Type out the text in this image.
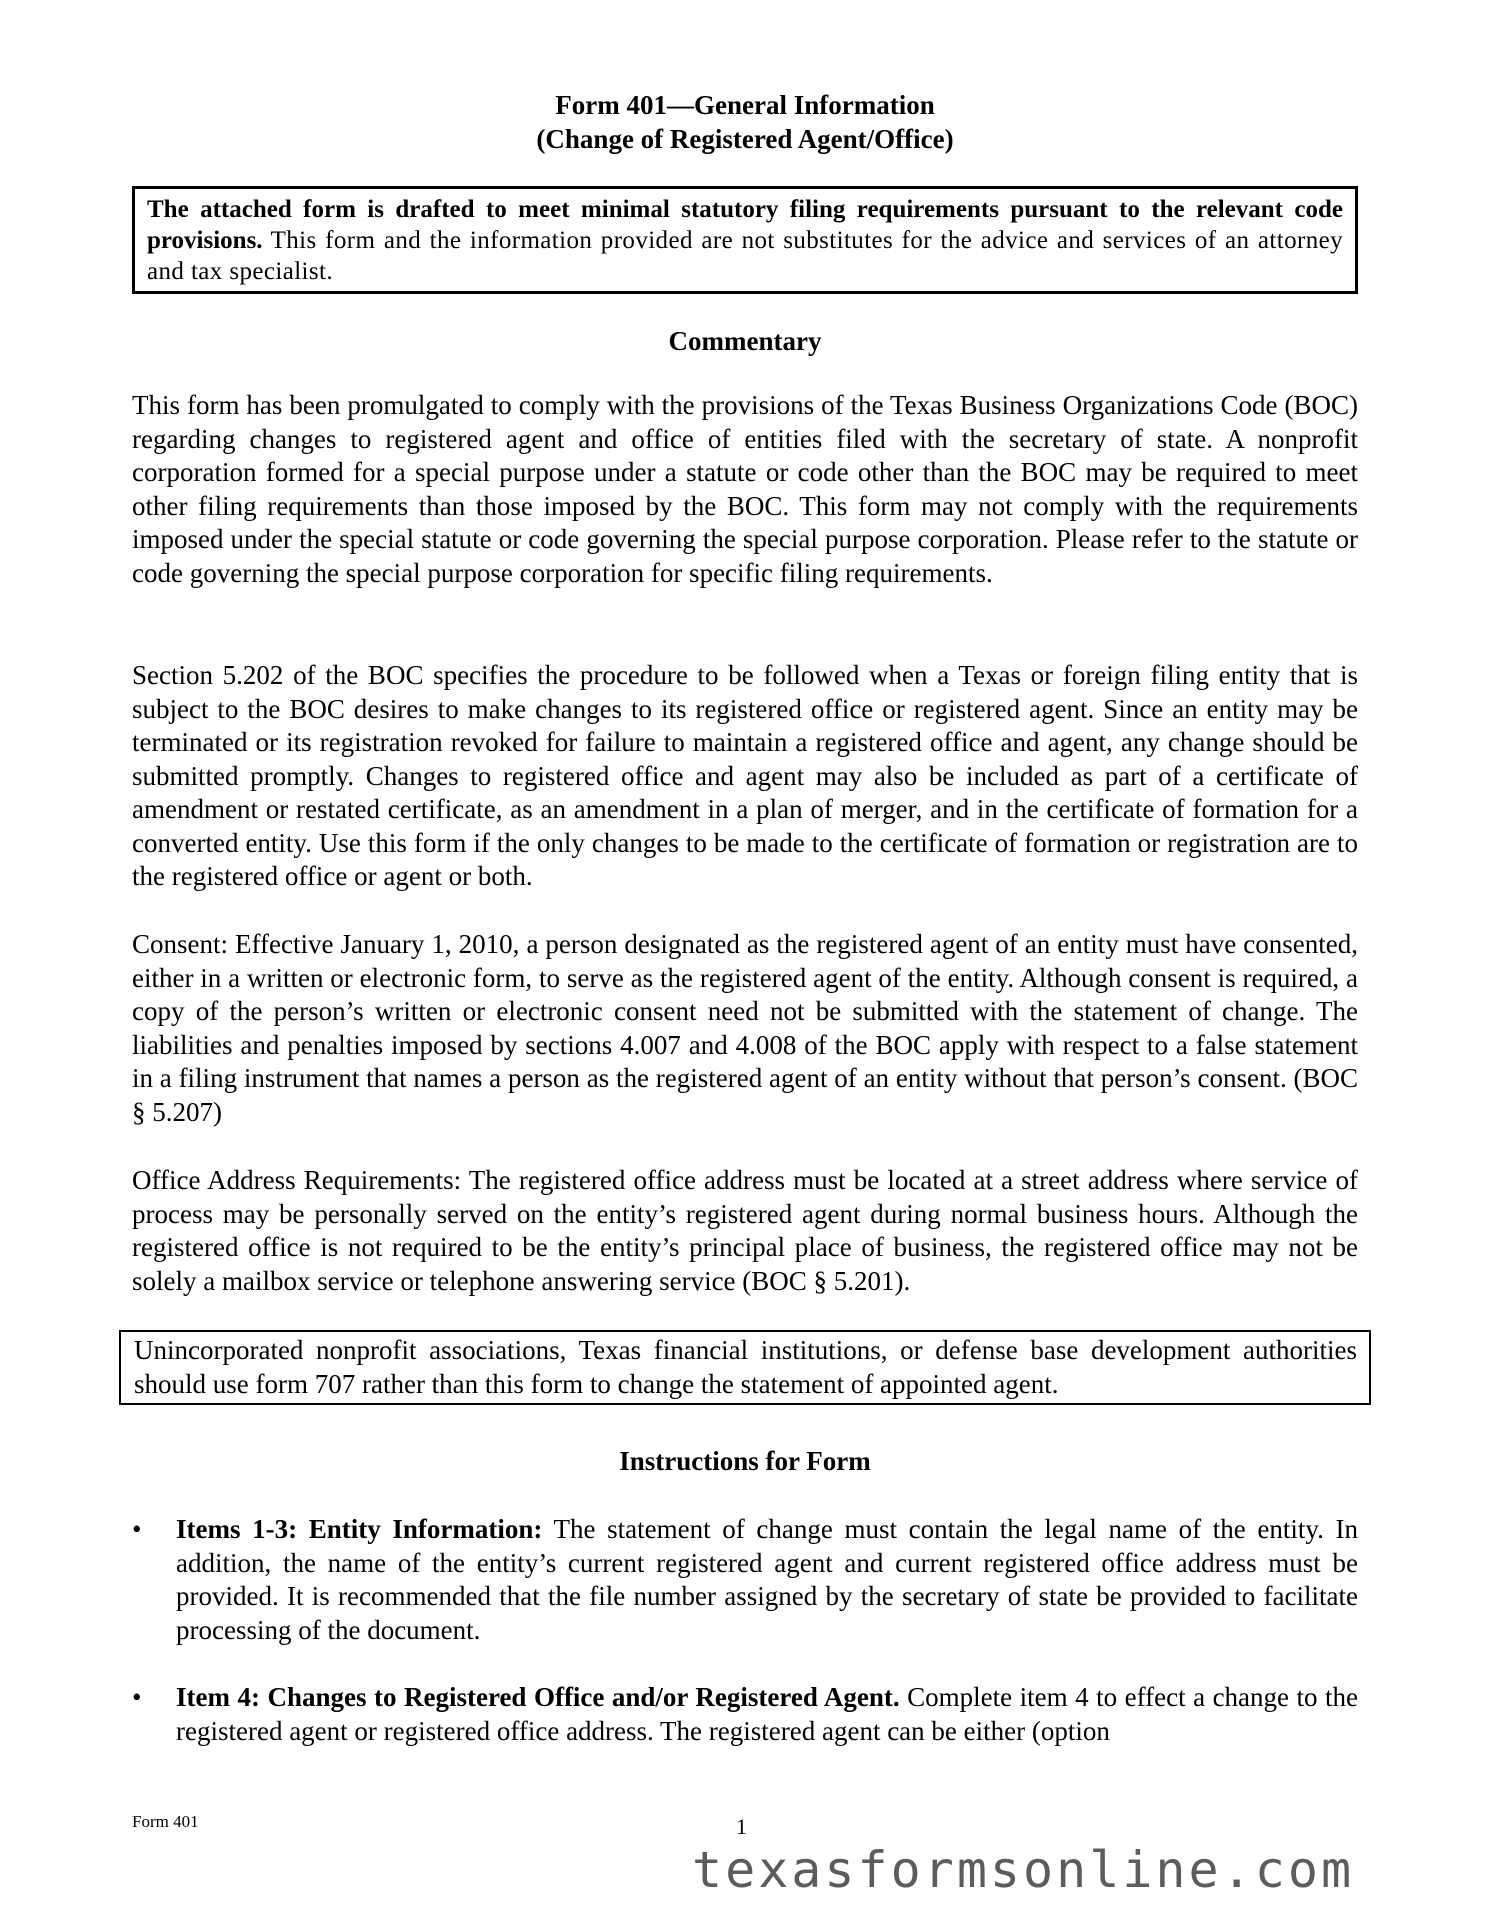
Form 401—General Information
(Change of Registered Agent/Office)
The attached form is drafted to meet minimal statutory filing requirements pursuant to the relevant code provisions. This form and the information provided are not substitutes for the advice and services of an attorney and tax specialist.
Commentary
This form has been promulgated to comply with the provisions of the Texas Business Organizations Code (BOC) regarding changes to registered agent and office of entities filed with the secretary of state. A nonprofit corporation formed for a special purpose under a statute or code other than the BOC may be required to meet other filing requirements than those imposed by the BOC. This form may not comply with the requirements imposed under the special statute or code governing the special purpose corporation. Please refer to the statute or code governing the special purpose corporation for specific filing requirements.
Section 5.202 of the BOC specifies the procedure to be followed when a Texas or foreign filing entity that is subject to the BOC desires to make changes to its registered office or registered agent. Since an entity may be terminated or its registration revoked for failure to maintain a registered office and agent, any change should be submitted promptly. Changes to registered office and agent may also be included as part of a certificate of amendment or restated certificate, as an amendment in a plan of merger, and in the certificate of formation for a converted entity. Use this form if the only changes to be made to the certificate of formation or registration are to the registered office or agent or both.
Consent: Effective January 1, 2010, a person designated as the registered agent of an entity must have consented, either in a written or electronic form, to serve as the registered agent of the entity. Although consent is required, a copy of the person’s written or electronic consent need not be submitted with the statement of change. The liabilities and penalties imposed by sections 4.007 and 4.008 of the BOC apply with respect to a false statement in a filing instrument that names a person as the registered agent of an entity without that person’s consent. (BOC § 5.207)
Office Address Requirements: The registered office address must be located at a street address where service of process may be personally served on the entity’s registered agent during normal business hours. Although the registered office is not required to be the entity’s principal place of business, the registered office may not be solely a mailbox service or telephone answering service (BOC § 5.201).
Unincorporated nonprofit associations, Texas financial institutions, or defense base development authorities should use form 707 rather than this form to change the statement of appointed agent.
Instructions for Form
• Items 1-3: Entity Information: The statement of change must contain the legal name of the entity. In addition, the name of the entity’s current registered agent and current registered office address must be provided. It is recommended that the file number assigned by the secretary of state be provided to facilitate processing of the document.
• Item 4: Changes to Registered Office and/or Registered Agent. Complete item 4 to effect a change to the registered agent or registered office address. The registered agent can be either (option
Form 401	1
texasformsonline.com
